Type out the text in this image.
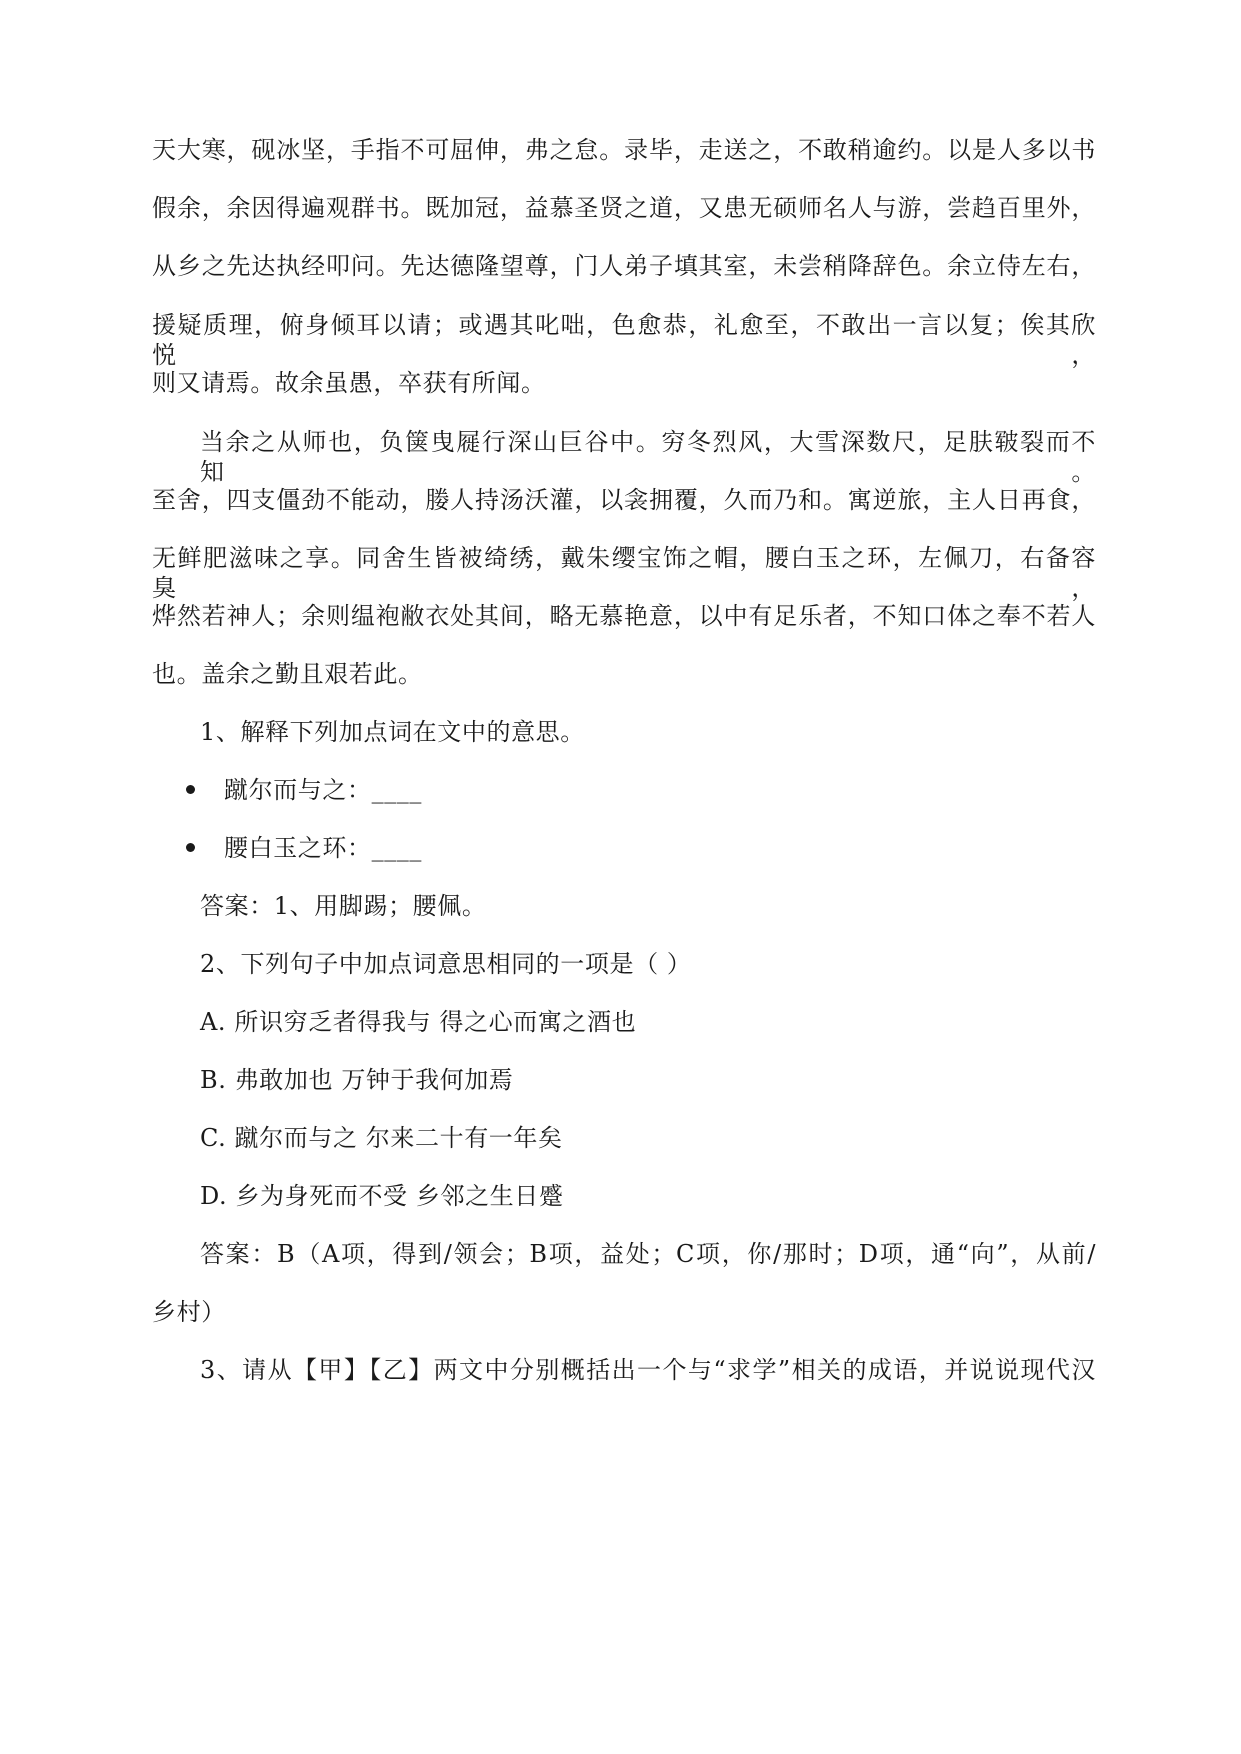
天大寒，砚冰坚，手指不可屈伸，弗之怠。录毕，走送之，不敢稍逾约。以是人多以书
假余，余因得遍观群书。既加冠，益慕圣贤之道，又患无硕师名人与游，尝趋百里外，
从乡之先达执经叩问。先达德隆望尊，门人弟子填其室，未尝稍降辞色。余立侍左右，
援疑质理，俯身倾耳以请；或遇其叱咄，色愈恭，礼愈至，不敢出一言以复；俟其欣悦，
则又请焉。故余虽愚，卒获有所闻。
当余之从师也，负箧曳屣行深山巨谷中。穷冬烈风，大雪深数尺，足肤皲裂而不知。
至舍，四支僵劲不能动，媵人持汤沃灌，以衾拥覆，久而乃和。寓逆旅，主人日再食，
无鲜肥滋味之享。同舍生皆被绮绣，戴朱缨宝饰之帽，腰白玉之环，左佩刀，右备容臭，
烨然若神人；余则缊袍敝衣处其间，略无慕艳意，以中有足乐者，不知口体之奉不若人
也。盖余之勤且艰若此。
1、解释下列加点词在文中的意思。
蹴尔而与之：____
腰白玉之环：____
答案：1、用脚踢；腰佩。
2、下列句子中加点词意思相同的一项是（ ）
A. 所识穷乏者得我与 得之心而寓之酒也
B. 弗敢加也 万钟于我何加焉
C. 蹴尔而与之 尔来二十有一年矣
D. 乡为身死而不受 乡邻之生日蹙
答案：B（A项，得到/领会；B项，益处；C项，你/那时；D项，通“向”，从前/
乡村）
3、请从【甲】【乙】两文中分别概括出一个与“求学”相关的成语，并说说现代汉
